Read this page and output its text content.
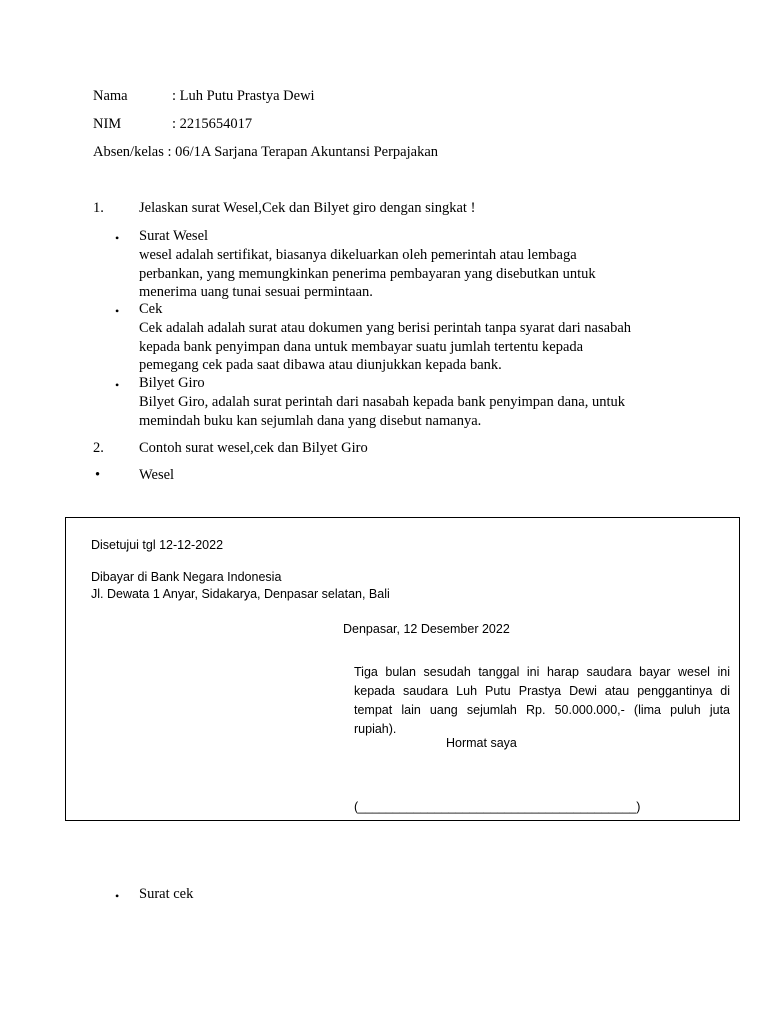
Nama	: Luh Putu Prastya Dewi
NIM	: 2215654017
Absen/kelas : 06/1A Sarjana Terapan Akuntansi Perpajakan
1. Jelaskan surat Wesel,Cek dan Bilyet giro dengan singkat !
• Surat Wesel
wesel adalah sertifikat, biasanya dikeluarkan oleh pemerintah atau lembaga
perbankan, yang memungkinkan penerima pembayaran yang disebutkan untuk
menerima uang tunai sesuai permintaan.
• Cek
Cek adalah adalah surat atau dokumen yang berisi perintah tanpa syarat dari nasabah
kepada bank penyimpan dana untuk membayar suatu jumlah tertentu kepada
pemegang cek pada saat dibawa atau diunjukkan kepada bank.
• Bilyet Giro
Bilyet Giro, adalah surat perintah dari nasabah kepada bank penyimpan dana, untuk
memindah buku kan sejumlah dana yang disebut namanya.
2. Contoh surat wesel,cek dan Bilyet Giro
•	Wesel
Disetujui tgl 12-12-2022
Dibayar di Bank Negara Indonesia
Jl. Dewata 1 Anyar, Sidakarya, Denpasar selatan, Bali
Denpasar, 12 Desember 2022
Tiga bulan sesudah tanggal ini harap saudara bayar wesel ini
kepada saudara Luh Putu Prastya Dewi atau penggantinya di
tempat lain uang sejumlah Rp. 50.000.000,- (lima puluh juta
rupiah).
Hormat saya
(________________________________________)
• Surat cek
